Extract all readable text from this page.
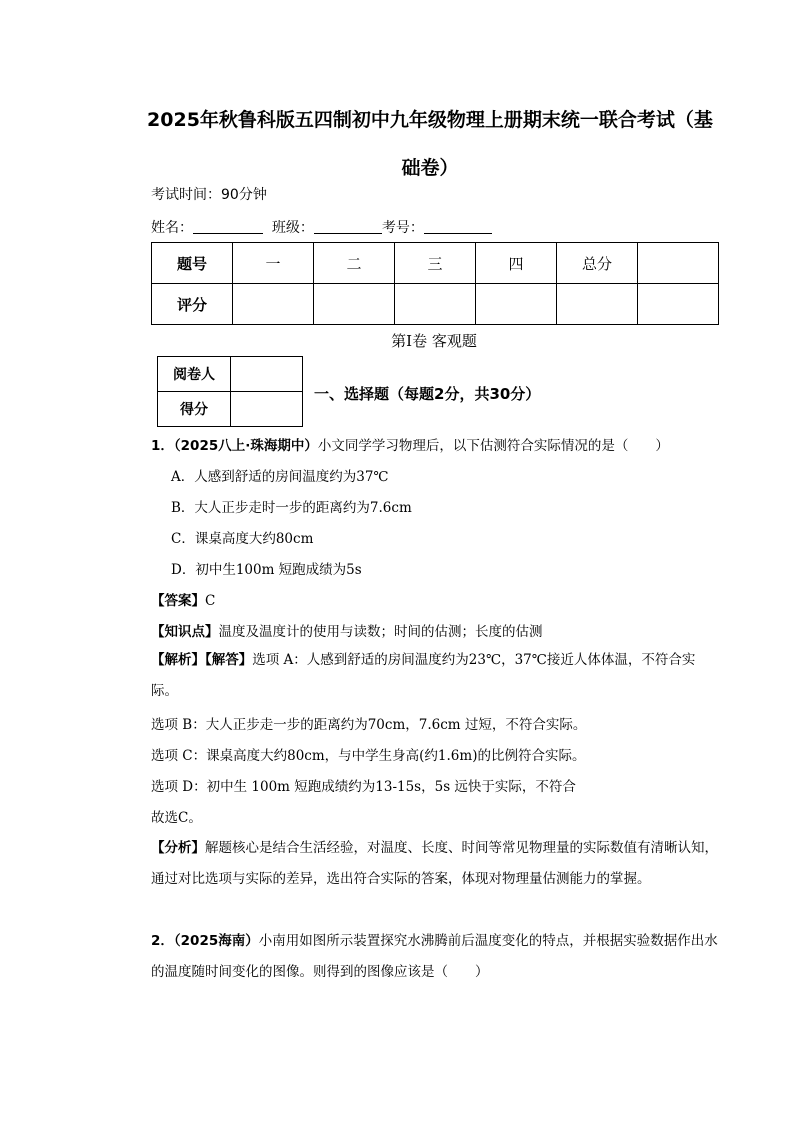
2025年秋鲁科版五四制初中九年级物理上册期末统一联合考试（基础卷）
考试时间：90分钟
姓名：	班级：	考号：
题号	一	二	三	四	总分	
评分						
第Ⅰ卷 客观题
阅卷人	
得分	
一、选择题（每题2分，共30分）
1．（2025八上·珠海期中）小文同学学习物理后，以下估测符合实际情况的是（　　）
A．人感到舒适的房间温度约为37℃
B．大人正步走时一步的距离约为7.6cm
C．课桌高度大约80cm
D．初中生100m 短跑成绩为5s
【答案】C
【知识点】温度及温度计的使用与读数；时间的估测；长度的估测
【解析】【解答】选项 A：人感到舒适的房间温度约为23℃，37℃接近人体体温，不符合实际。
选项 B：大人正步走一步的距离约为70cm，7.6cm 过短，不符合实际。
选项 C：课桌高度大约80cm，与中学生身高(约1.6m)的比例符合实际。
选项 D：初中生 100m 短跑成绩约为13-15s，5s 远快于实际，不符合
故选C。
【分析】解题核心是结合生活经验，对温度、长度、时间等常见物理量的实际数值有清晰认知，通过对比选项与实际的差异，选出符合实际的答案，体现对物理量估测能力的掌握。
2．（2025海南）小南用如图所示装置探究水沸腾前后温度变化的特点，并根据实验数据作出水的温度随时间变化的图像。则得到的图像应该是（　　）
